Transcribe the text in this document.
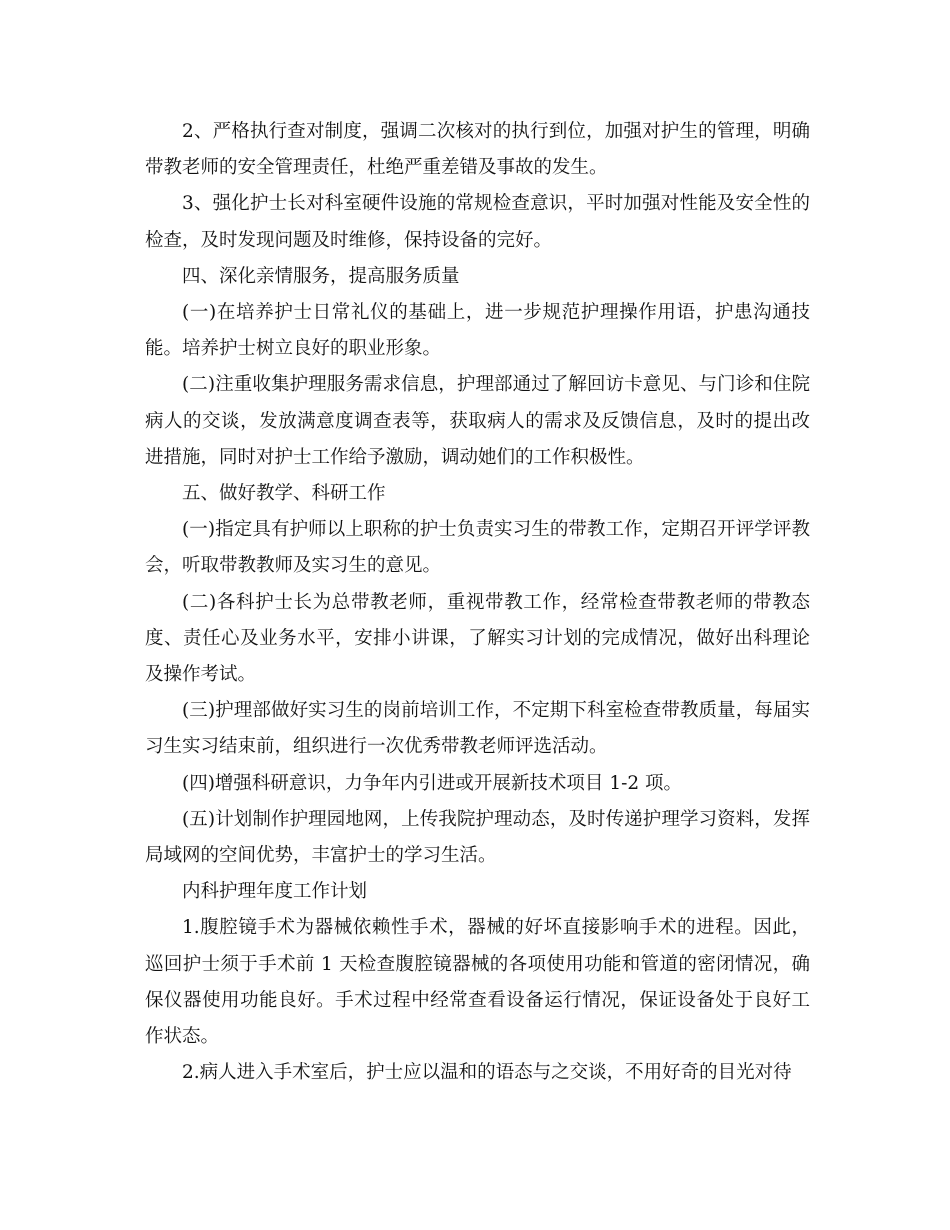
2、严格执行查对制度，强调二次核对的执行到位，加强对护生的管理，明确带教老师的安全管理责任，杜绝严重差错及事故的发生。

3、强化护士长对科室硬件设施的常规检查意识，平时加强对性能及安全性的检查，及时发现问题及时维修，保持设备的完好。

四、深化亲情服务，提高服务质量

(一)在培养护士日常礼仪的基础上，进一步规范护理操作用语，护患沟通技能。培养护士树立良好的职业形象。

(二)注重收集护理服务需求信息，护理部通过了解回访卡意见、与门诊和住院病人的交谈，发放满意度调查表等，获取病人的需求及反馈信息，及时的提出改进措施，同时对护士工作给予激励，调动她们的工作积极性。

五、做好教学、科研工作

(一)指定具有护师以上职称的护士负责实习生的带教工作，定期召开评学评教会，听取带教教师及实习生的意见。

(二)各科护士长为总带教老师，重视带教工作，经常检查带教老师的带教态度、责任心及业务水平，安排小讲课，了解实习计划的完成情况，做好出科理论及操作考试。

(三)护理部做好实习生的岗前培训工作，不定期下科室检查带教质量，每届实习生实习结束前，组织进行一次优秀带教老师评选活动。

(四)增强科研意识，力争年内引进或开展新技术项目 1-2 项。

(五)计划制作护理园地网，上传我院护理动态，及时传递护理学习资料，发挥局域网的空间优势，丰富护士的学习生活。

内科护理年度工作计划

1.腹腔镜手术为器械依赖性手术，器械的好坏直接影响手术的进程。因此，巡回护士须于手术前 1 天检查腹腔镜器械的各项使用功能和管道的密闭情况，确保仪器使用功能良好。手术过程中经常查看设备运行情况，保证设备处于良好工作状态。

2.病人进入手术室后，护士应以温和的语态与之交谈，不用好奇的目光对待
